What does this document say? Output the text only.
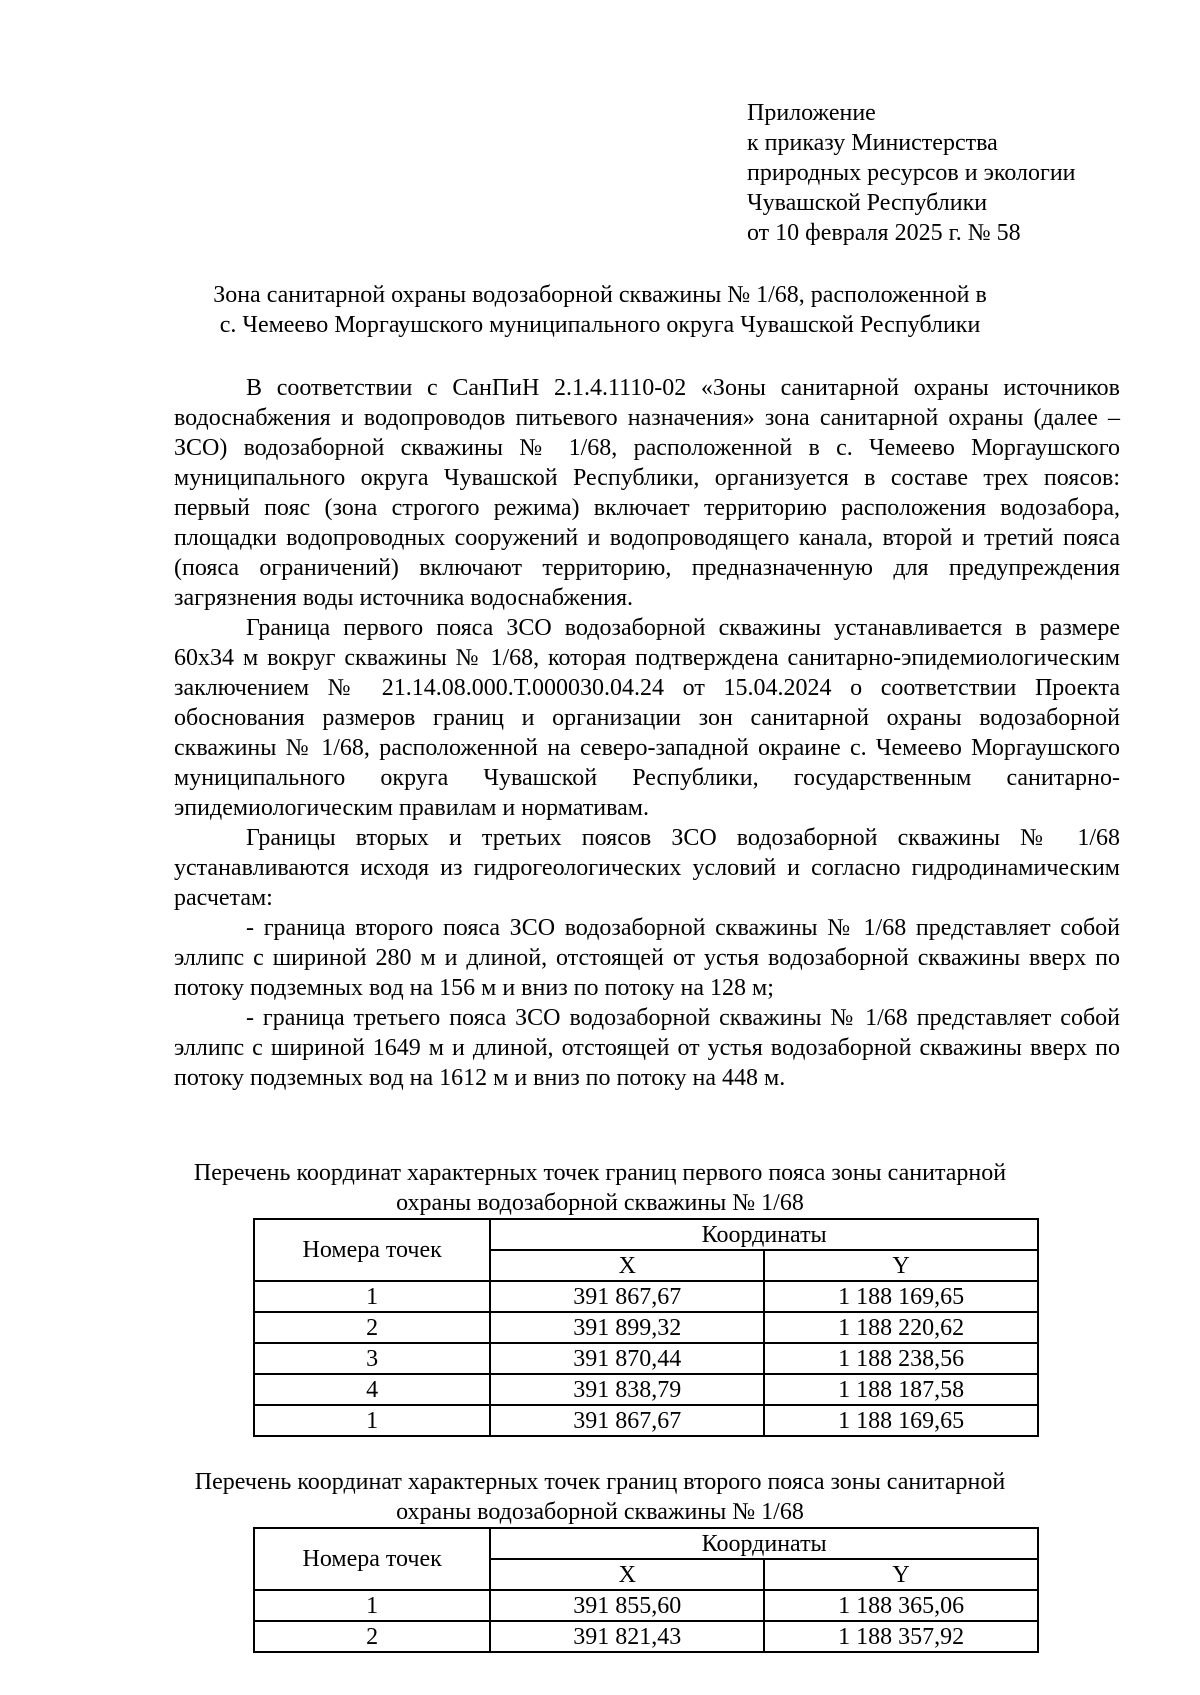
Приложение
к приказу Министерства
природных ресурсов и экологии
Чувашской Республики
от 10 февраля 2025 г. № 58
Зона санитарной охраны водозаборной скважины № 1/68, расположенной в
с. Чемеево Моргаушского муниципального округа Чувашской Республики

В соответствии с СанПиН 2.1.4.1110-02 «Зоны санитарной охраны источников водоснабжения и водопроводов питьевого назначения» зона санитарной охраны (далее – ЗСО) водозаборной скважины № 1/68, расположенной в с. Чемеево Моргаушского муниципального округа Чувашской Республики, организуется в составе трех поясов: первый пояс (зона строгого режима) включает территорию расположения водозабора, площадки водопроводных сооружений и водопроводящего канала, второй и третий пояса (пояса ограничений) включают территорию, предназначенную для предупреждения загрязнения воды источника водоснабжения.

Граница первого пояса ЗСО водозаборной скважины устанавливается в размере 60х34 м вокруг скважины № 1/68, которая подтверждена санитарно-эпидемиологическим заключением № 21.14.08.000.Т.000030.04.24 от 15.04.2024 о соответствии Проекта обоснования размеров границ и организации зон санитарной охраны водозаборной скважины № 1/68, расположенной на северо-западной окраине с. Чемеево Моргаушского муниципального округа Чувашской Республики, государственным санитарно-эпидемиологическим правилам и нормативам.

Границы вторых и третьих поясов ЗСО водозаборной скважины № 1/68 устанавливаются исходя из гидрогеологических условий и согласно гидродинамическим расчетам:

- граница второго пояса ЗСО водозаборной скважины № 1/68 представляет собой эллипс с шириной 280 м и длиной, отстоящей от устья водозаборной скважины вверх по потоку подземных вод на 156 м и вниз по потоку на 128 м;

- граница третьего пояса ЗСО водозаборной скважины № 1/68 представляет собой эллипс с шириной 1649 м и длиной, отстоящей от устья водозаборной скважины вверх по потоку подземных вод на 1612 м и вниз по потоку на 448 м.

Перечень координат характерных точек границ первого пояса зоны санитарной
охраны водозаборной скважины № 1/68
Номера точек	Координаты	
	X	Y
1	391 867,67	1 188 169,65
2	391 899,32	1 188 220,62
3	391 870,44	1 188 238,56
4	391 838,79	1 188 187,58
1	391 867,67	1 188 169,65
Перечень координат характерных точек границ второго пояса зоны санитарной
охраны водозаборной скважины № 1/68
Номера точек	Координаты	
	X	Y
1	391 855,60	1 188 365,06
2	391 821,43	1 188 357,92
